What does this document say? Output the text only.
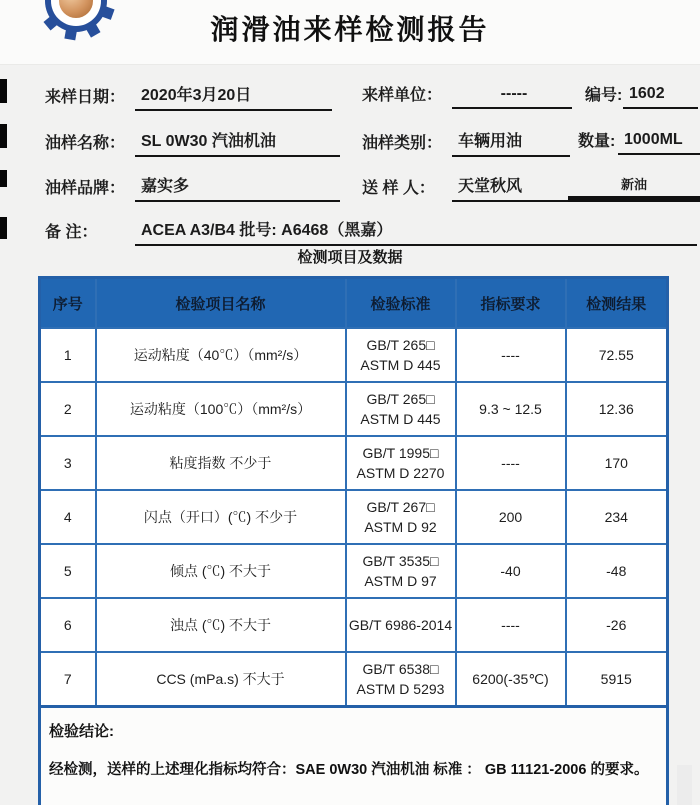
润滑油来样检测报告
来样日期： 2020年3月20日	来样单位：	-----	编号: 1602
油样名称： SL 0W30 汽油机油	油样类别： 车辆用油	数量: 1000ML
油样品牌： 嘉实多	送 样 人： 天堂秋风	新油
备 注：	ACEA A3/B4 批号: A6468（黑嘉）
检测项目及数据
序号	检验项目名称	检验标准	指标要求	检测结果
1	运动粘度（40℃）（mm²/s）	GB/T 265□
ASTM D 445	----	72.55
2	运动粘度（100℃）（mm²/s）	GB/T 265□
ASTM D 445	9.3 ~ 12.5	12.36
3	粘度指数 不少于	GB/T 1995□
ASTM D 2270	----	170
4	闪点（开口）(℃) 不少于	GB/T 267□
ASTM D 92	200	234
5	倾点 (℃) 不大于	GB/T 3535□
ASTM D 97	-40	-48
6	浊点 (℃) 不大于	GB/T 6986-2014	----	-26
7	CCS (mPa.s) 不大于	GB/T 6538□
ASTM D 5293	6200(-35℃)	5915
检验结论:
经检测，送样的上述理化指标均符合：SAE 0W30 汽油机油 标准 ： GB 11121-2006 的要求。
